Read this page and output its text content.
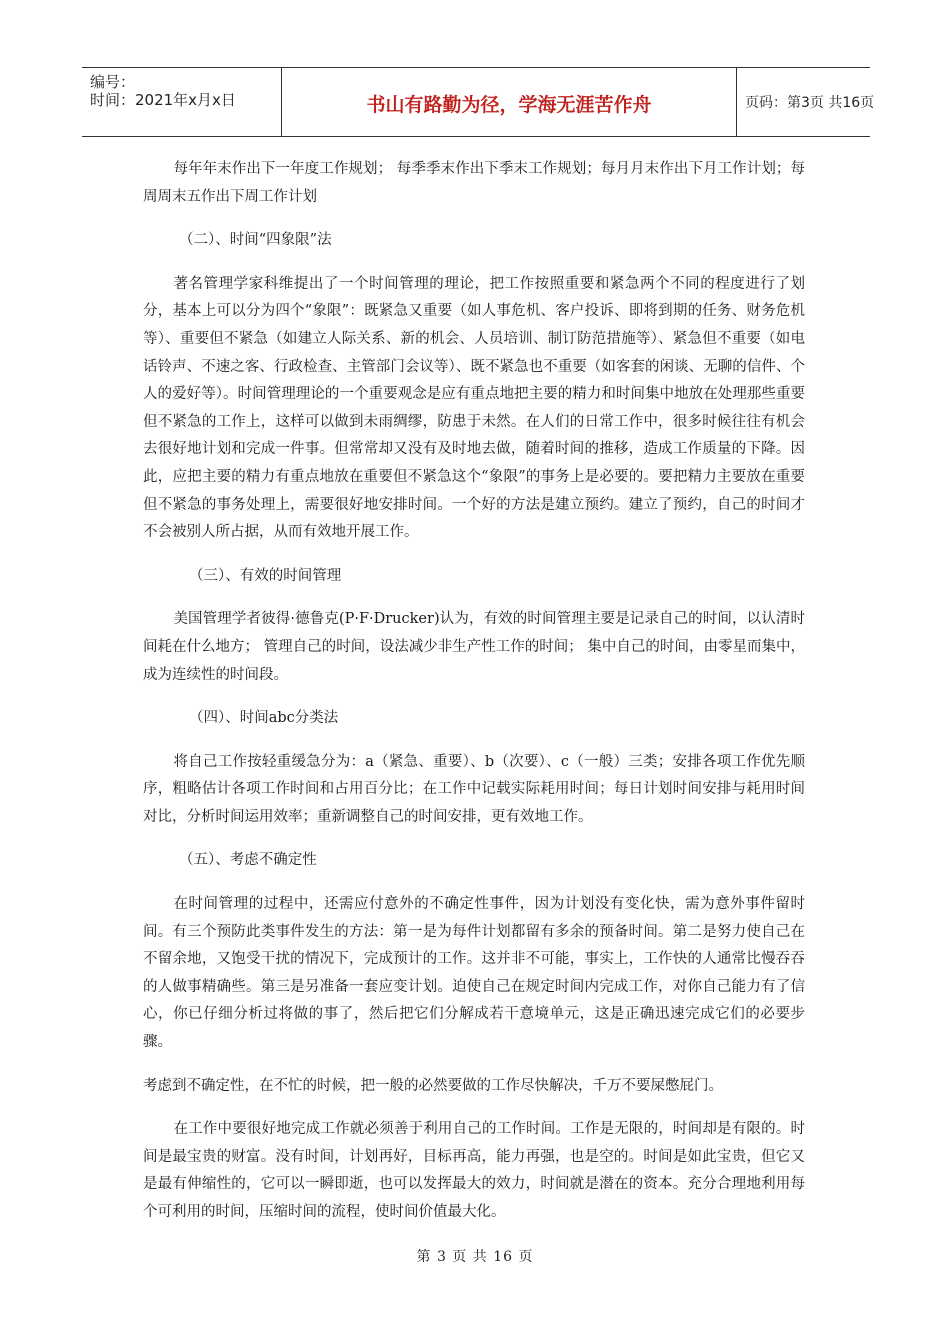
编号：
时间：2021年x月x日	书山有路勤为径，学海无涯苦作舟	页码：第3页 共16页

每年年末作出下一年度工作规划； 每季季末作出下季末工作规划；每月月末作出下月工作计划；每周周末五作出下周工作计划

（二）、时间“四象限”法

著名管理学家科维提出了一个时间管理的理论，把工作按照重要和紧急两个不同的程度进行了划分，基本上可以分为四个“象限”：既紧急又重要（如人事危机、客户投诉、即将到期的任务、财务危机等）、重要但不紧急（如建立人际关系、新的机会、人员培训、制订防范措施等）、紧急但不重要（如电话铃声、不速之客、行政检查、主管部门会议等）、既不紧急也不重要（如客套的闲谈、无聊的信件、个人的爱好等）。时间管理理论的一个重要观念是应有重点地把主要的精力和时间集中地放在处理那些重要但不紧急的工作上，这样可以做到未雨绸缪，防患于未然。在人们的日常工作中，很多时候往往有机会去很好地计划和完成一件事。但常常却又没有及时地去做，随着时间的推移，造成工作质量的下降。因此，应把主要的精力有重点地放在重要但不紧急这个“象限”的事务上是必要的。要把精力主要放在重要但不紧急的事务处理上，需要很好地安排时间。一个好的方法是建立预约。建立了预约，自己的时间才不会被别人所占据，从而有效地开展工作。

（三）、有效的时间管理

美国管理学者彼得·德鲁克(P·F·Drucker)认为，有效的时间管理主要是记录自己的时间，以认清时间耗在什么地方； 管理自己的时间，设法减少非生产性工作的时间； 集中自己的时间，由零星而集中，成为连续性的时间段。

（四）、时间abc分类法

将自己工作按轻重缓急分为：a（紧急、重要）、b（次要）、c（一般）三类；安排各项工作优先顺序，粗略估计各项工作时间和占用百分比；在工作中记载实际耗用时间；每日计划时间安排与耗用时间对比，分析时间运用效率；重新调整自己的时间安排，更有效地工作。

（五）、考虑不确定性

在时间管理的过程中，还需应付意外的不确定性事件，因为计划没有变化快，需为意外事件留时间。有三个预防此类事件发生的方法：第一是为每件计划都留有多余的预备时间。第二是努力使自己在不留余地，又饱受干扰的情况下，完成预计的工作。这并非不可能，事实上，工作快的人通常比慢吞吞的人做事精确些。第三是另准备一套应变计划。迫使自己在规定时间内完成工作，对你自己能力有了信心，你已仔细分析过将做的事了，然后把它们分解成若干意境单元，这是正确迅速完成它们的必要步骤。

考虑到不确定性，在不忙的时候，把一般的必然要做的工作尽快解决，千万不要屎憋屁门。

在工作中要很好地完成工作就必须善于利用自己的工作时间。工作是无限的，时间却是有限的。时间是最宝贵的财富。没有时间，计划再好，目标再高，能力再强，也是空的。时间是如此宝贵，但它又是最有伸缩性的，它可以一瞬即逝，也可以发挥最大的效力，时间就是潜在的资本。充分合理地利用每个可利用的时间，压缩时间的流程，使时间价值最大化。

第 3 页 共 16 页
